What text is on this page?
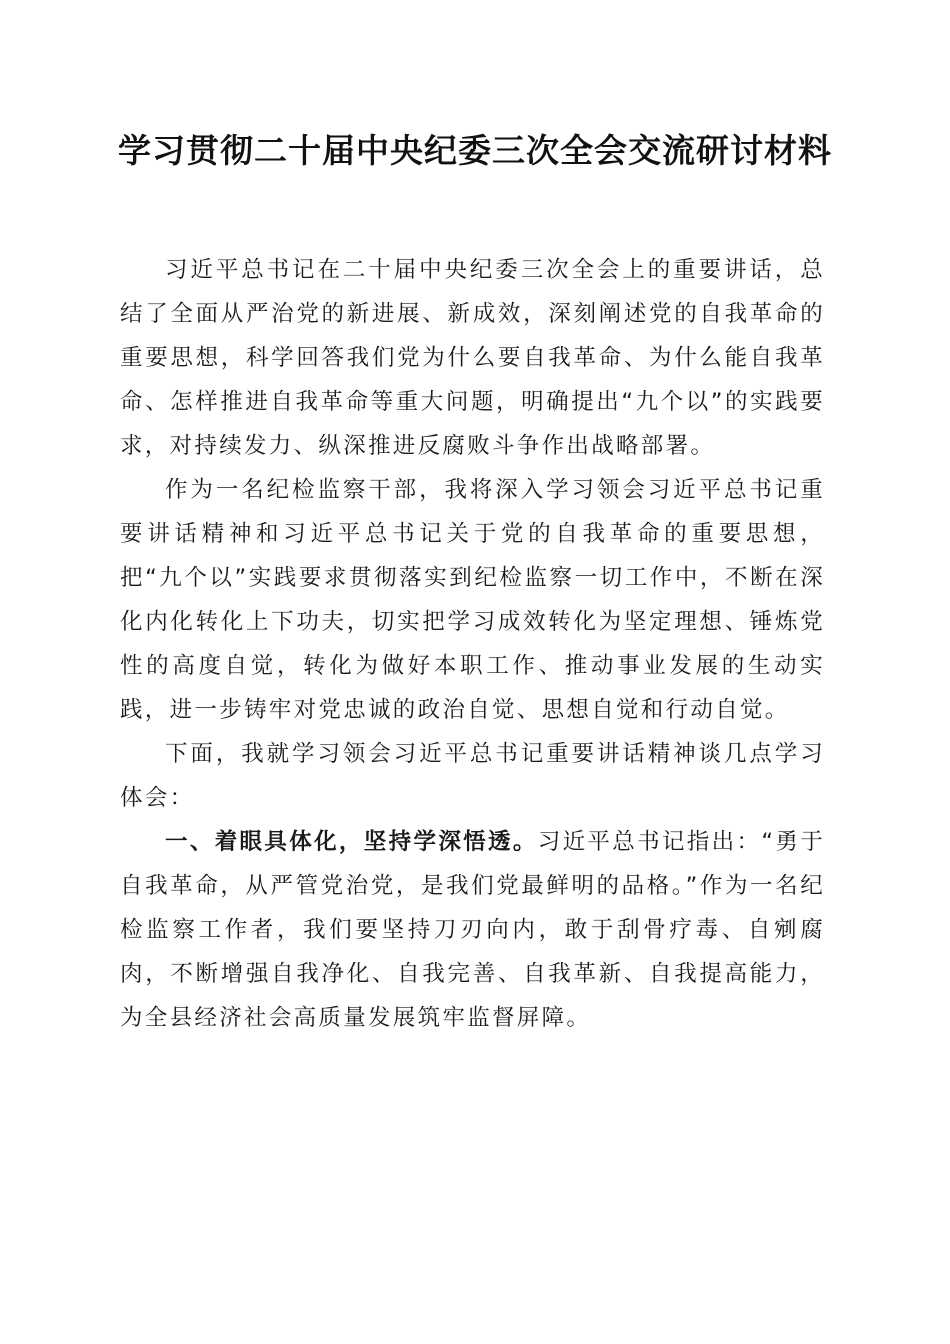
学习贯彻二十届中央纪委三次全会交流研讨材料

习近平总书记在二十届中央纪委三次全会上的重要讲话，总结了全面从严治党的新进展、新成效，深刻阐述党的自我革命的重要思想，科学回答我们党为什么要自我革命、为什么能自我革命、怎样推进自我革命等重大问题，明确提出“九个以”的实践要求，对持续发力、纵深推进反腐败斗争作出战略部署。

作为一名纪检监察干部，我将深入学习领会习近平总书记重要讲话精神和习近平总书记关于党的自我革命的重要思想，把“九个以”实践要求贯彻落实到纪检监察一切工作中，不断在深化内化转化上下功夫，切实把学习成效转化为坚定理想、锤炼党性的高度自觉，转化为做好本职工作、推动事业发展的生动实践，进一步铸牢对党忠诚的政治自觉、思想自觉和行动自觉。

下面，我就学习领会习近平总书记重要讲话精神谈几点学习体会：

一、着眼具体化，坚持学深悟透。习近平总书记指出：“勇于自我革命，从严管党治党，是我们党最鲜明的品格。”作为一名纪检监察工作者，我们要坚持刀刃向内，敢于刮骨疗毒、自剜腐肉，不断增强自我净化、自我完善、自我革新、自我提高能力，为全县经济社会高质量发展筑牢监督屏障。
